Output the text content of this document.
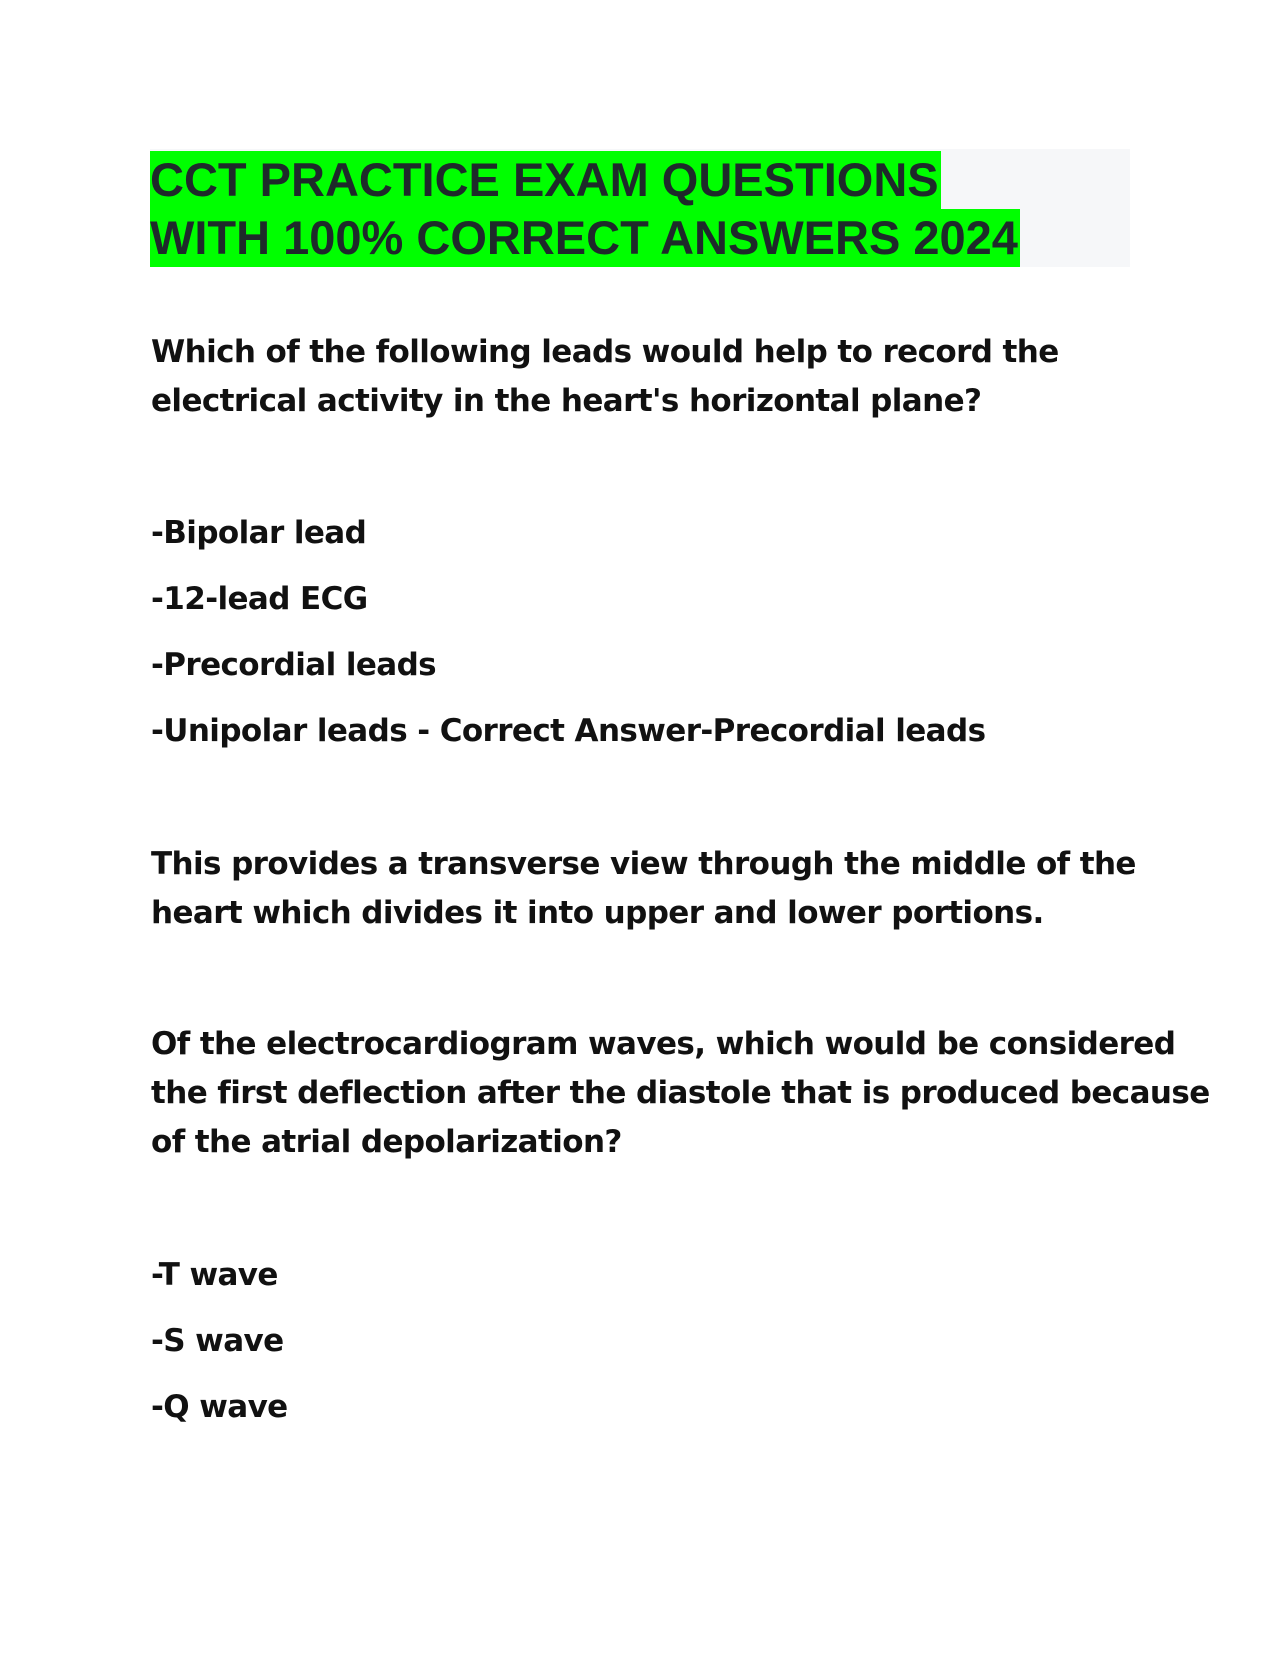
CCT PRACTICE EXAM QUESTIONS
WITH 100% CORRECT ANSWERS 2024
Which of the following leads would help to record the
electrical activity in the heart's horizontal plane?
-Bipolar lead
-12-lead ECG
-Precordial leads
-Unipolar leads - Correct Answer-Precordial leads
This provides a transverse view through the middle of the
heart which divides it into upper and lower portions.
Of the electrocardiogram waves, which would be considered
the first deflection after the diastole that is produced because
of the atrial depolarization?
-T wave
-S wave
-Q wave
